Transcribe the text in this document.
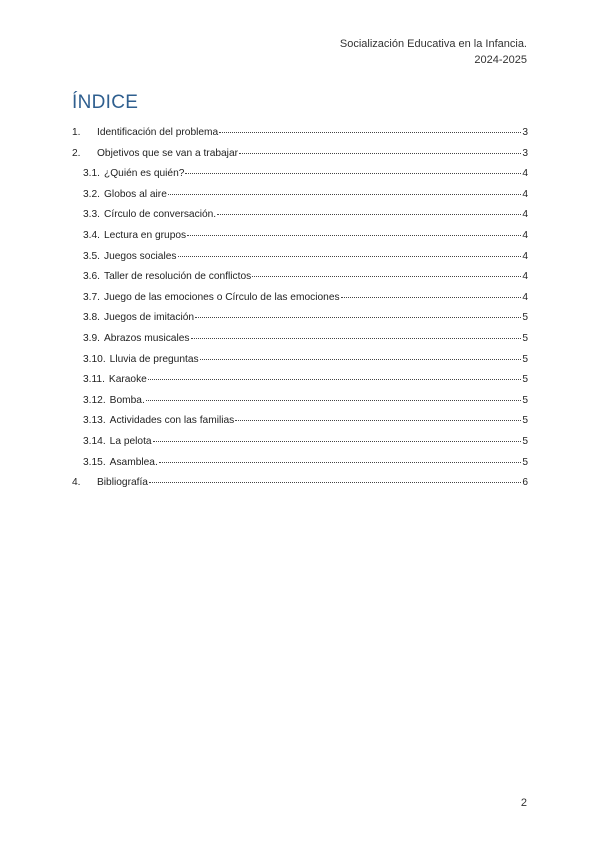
Socialización Educativa en la Infancia.
2024-2025
ÍNDICE
1.	Identificación del problema	3
2.	Objetivos que se van a trabajar	3
3.1. ¿Quién es quién?	4
3.2. Globos al aire	4
3.3. Círculo de conversación.	4
3.4. Lectura en grupos	4
3.5. Juegos sociales	4
3.6. Taller de resolución de conflictos	4
3.7. Juego de las emociones o Círculo de las emociones	4
3.8. Juegos de imitación	5
3.9. Abrazos musicales	5
3.10. Lluvia de preguntas	5
3.11. Karaoke	5
3.12. Bomba.	5
3.13. Actividades con las familias	5
3.14. La pelota	5
3.15. Asamblea.	5
4.	Bibliografía	6
2
